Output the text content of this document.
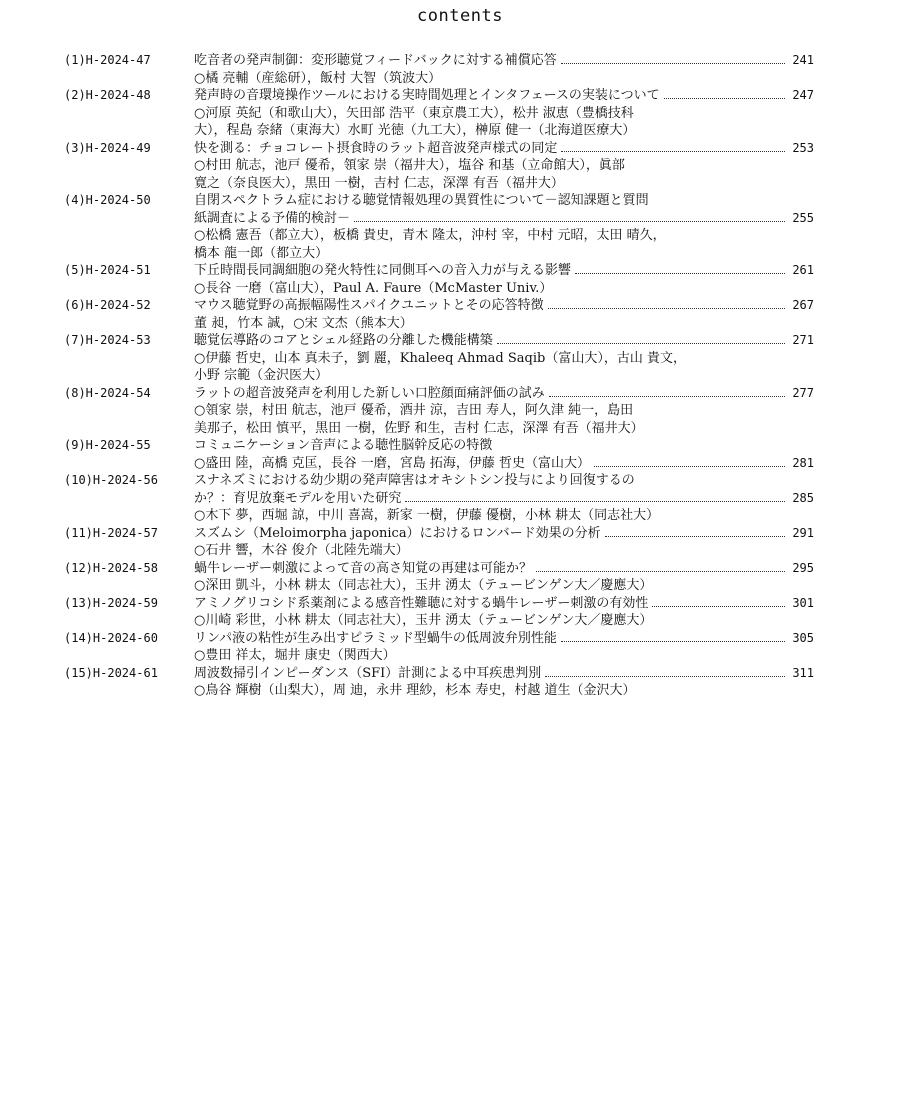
contents
(1)H-2024-47	吃音者の発声制御：変形聴覚フィードバックに対する補償応答	241
○橘 亮輔（産総研），飯村 大智（筑波大）
(2)H-2024-48	発声時の音環境操作ツールにおける実時間処理とインタフェースの実装について	247
○河原 英紀（和歌山大），矢田部 浩平（東京農工大），松井 淑恵（豊橋技科
大），程島 奈緒（東海大）水町 光徳（九工大），榊原 健一（北海道医療大）
(3)H-2024-49	快を測る：チョコレート摂食時のラット超音波発声様式の同定	253
○村田 航志，池戸 優希，領家 崇（福井大），塩谷 和基（立命館大），眞部
寛之（奈良医大），黒田 一樹，吉村 仁志，深澤 有吾（福井大）
(4)H-2024-50	自閉スペクトラム症における聴覚情報処理の異質性について－認知課題と質問
紙調査による予備的検討－	255
○松橋 憲吾（都立大），板橋 貴史，青木 隆太，沖村 宰，中村 元昭，太田 晴久，
橋本 龍一郎（都立大）
(5)H-2024-51	下丘時間長同調細胞の発火特性に同側耳への音入力が与える影響	261
○長谷 一磨（富山大），Paul A. Faure（McMaster Univ.）
(6)H-2024-52	マウス聴覚野の高振幅陽性スパイクユニットとその応答特徴	267
董 昶，竹本 誠，○宋 文杰（熊本大）
(7)H-2024-53	聴覚伝導路のコアとシェル経路の分離した機能構築	271
○伊藤 哲史，山本 真未子，劉 麗，Khaleeq Ahmad Saqib（富山大），古山 貴文，
小野 宗範（金沢医大）
(8)H-2024-54	ラットの超音波発声を利用した新しい口腔顔面痛評価の試み	277
○領家 崇，村田 航志，池戸 優希，酒井 涼，吉田 寿人，阿久津 純一，島田
美那子，松田 慎平，黒田 一樹，佐野 和生，吉村 仁志，深澤 有吾（福井大）
(9)H-2024-55	コミュニケーション音声による聴性脳幹反応の特徴
○盛田 陸，高橋 克匡，長谷 一磨，宮島 拓海，伊藤 哲史（富山大）	281
(10)H-2024-56	スナネズミにおける幼少期の発声障害はオキシトシン投与により回復するの
か？：育児放棄モデルを用いた研究	285
○木下 夢，西堀 諒，中川 喜嵩，新家 一樹，伊藤 優樹，小林 耕太（同志社大）
(11)H-2024-57	スズムシ（Meloimorpha japonica）におけるロンバード効果の分析	291
○石井 響，木谷 俊介（北陸先端大）
(12)H-2024-58	蝸牛レーザー刺激によって音の高さ知覚の再建は可能か？	295
○深田 凱斗，小林 耕太（同志社大），玉井 湧太（テュービンゲン大／慶應大）
(13)H-2024-59	アミノグリコシド系薬剤による感音性難聴に対する蝸牛レーザー刺激の有効性	301
○川崎 彩世，小林 耕太（同志社大），玉井 湧太（テュービンゲン大／慶應大）
(14)H-2024-60	リンパ液の粘性が生み出すピラミッド型蝸牛の低周波弁別性能	305
○豊田 祥太，堀井 康史（関西大）
(15)H-2024-61	周波数掃引インピーダンス（SFI）計測による中耳疾患判別	311
○鳥谷 輝樹（山梨大），周 迪，永井 理紗，杉本 寿史，村越 道生（金沢大）
